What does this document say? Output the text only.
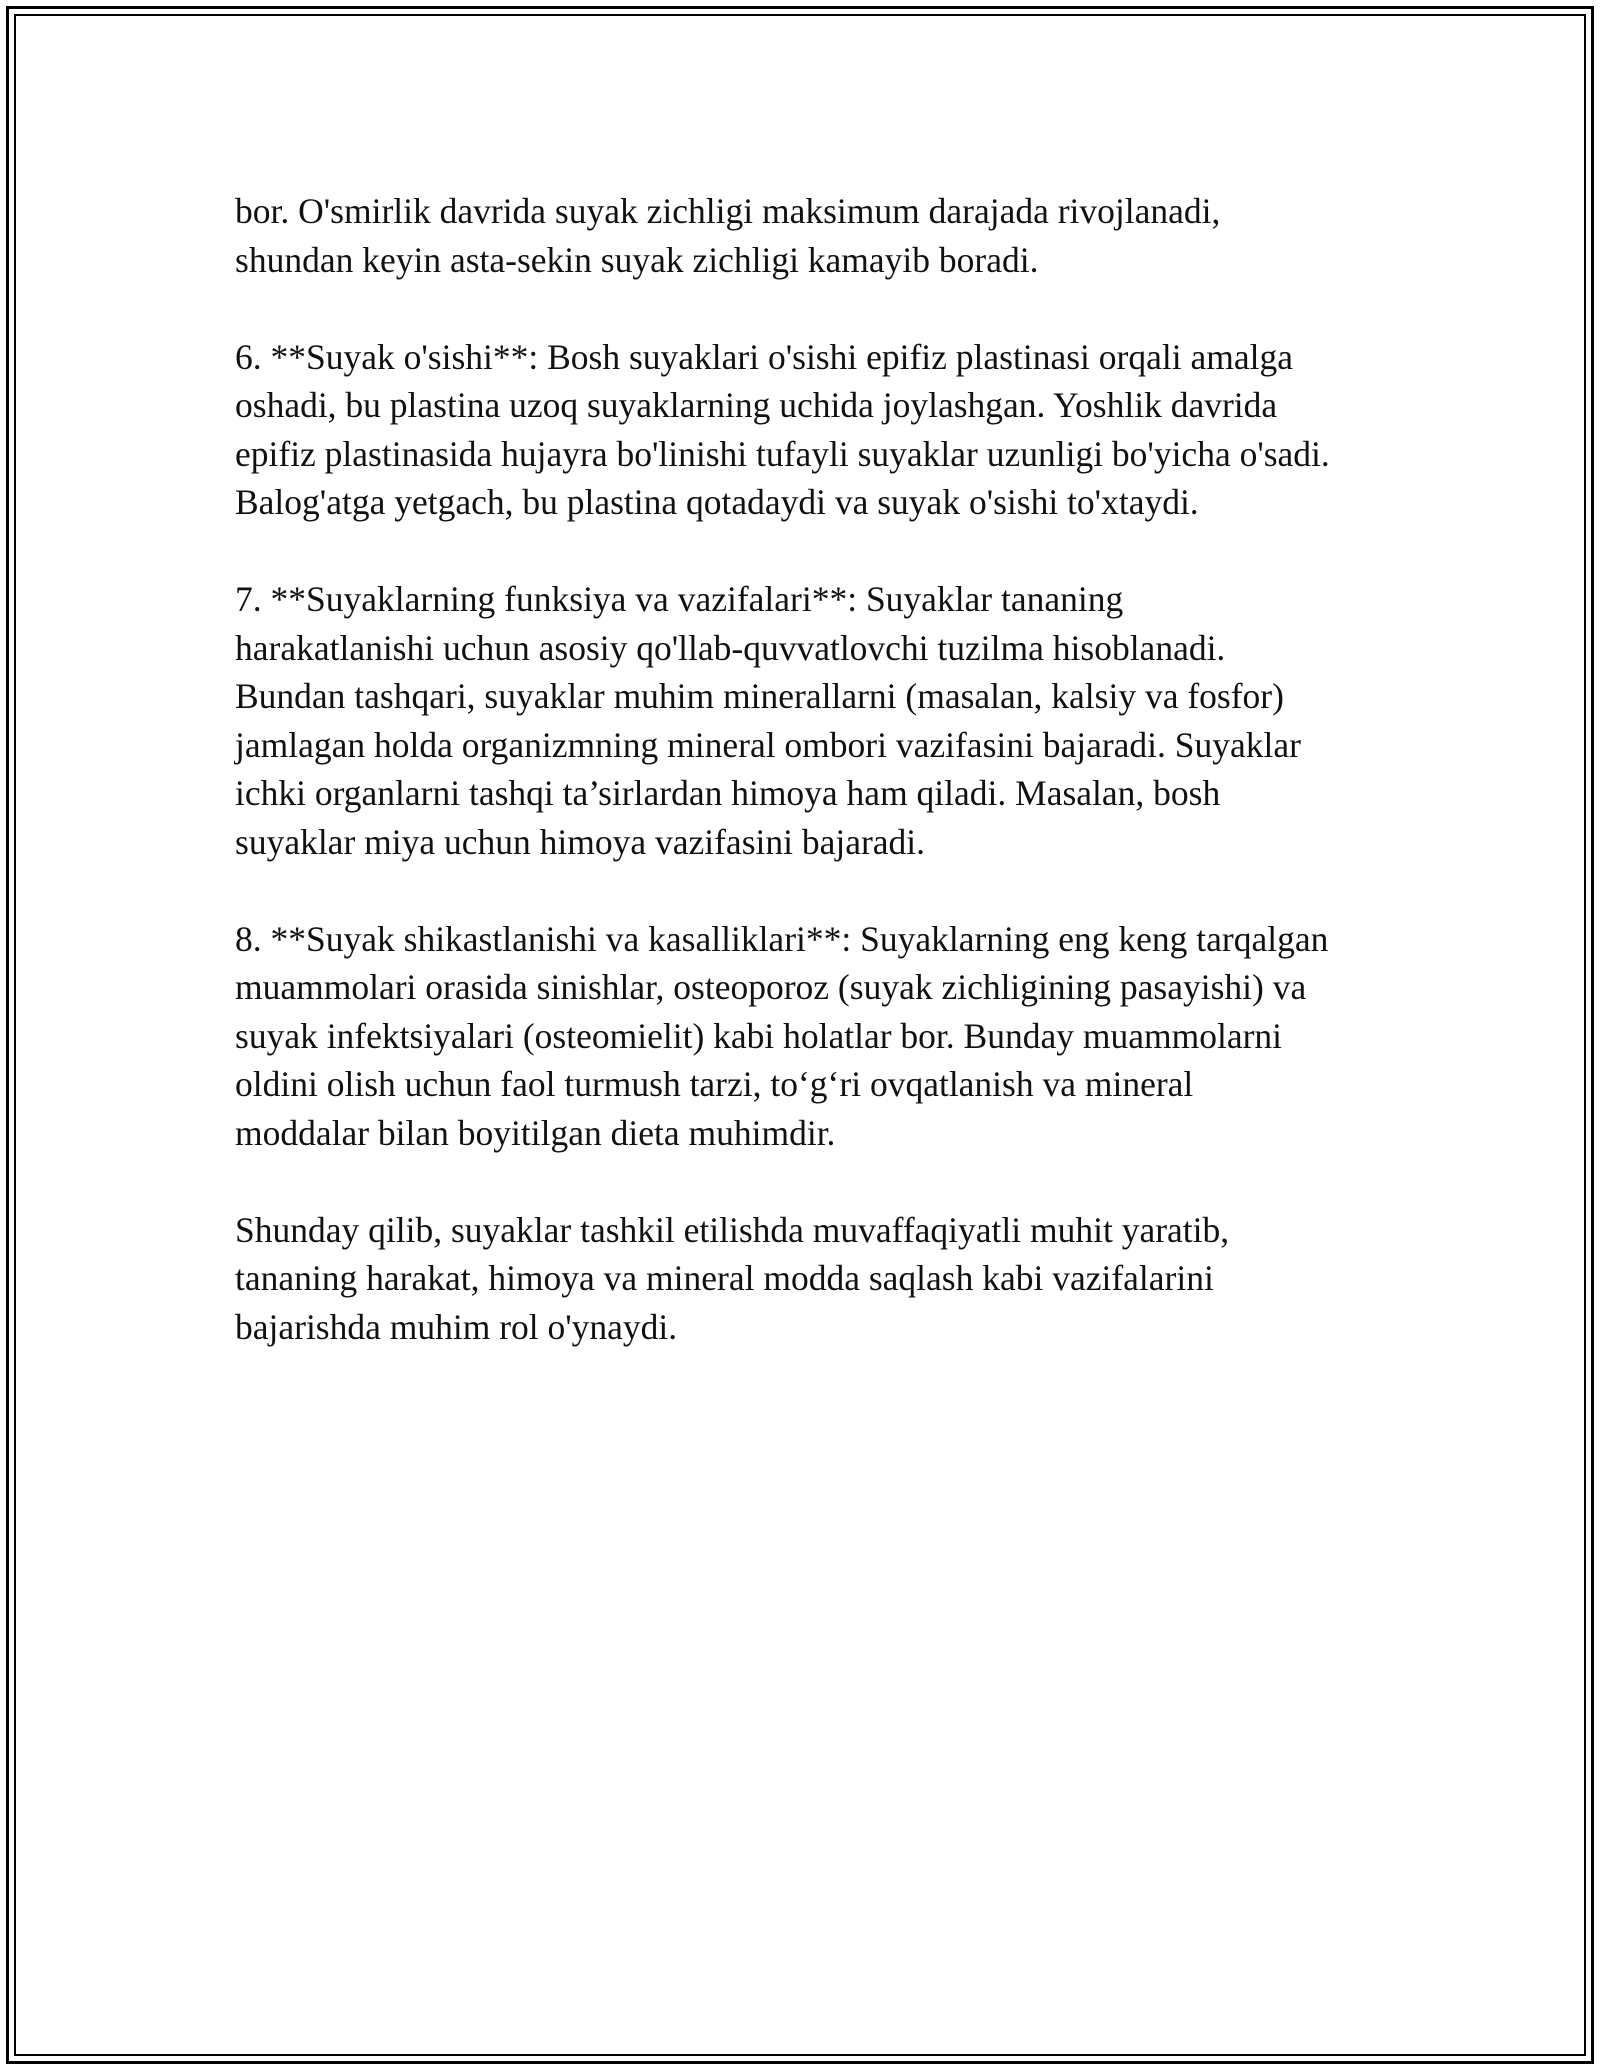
bor. O'smirlik davrida suyak zichligi maksimum darajada rivojlanadi,
shundan keyin asta-sekin suyak zichligi kamayib boradi.

6. **Suyak o'sishi**: Bosh suyaklari o'sishi epifiz plastinasi orqali amalga
oshadi, bu plastina uzoq suyaklarning uchida joylashgan. Yoshlik davrida
epifiz plastinasida hujayra bo'linishi tufayli suyaklar uzunligi bo'yicha o'sadi.
Balog'atga yetgach, bu plastina qotadaydi va suyak o'sishi to'xtaydi.

7. **Suyaklarning funksiya va vazifalari**: Suyaklar tananing
harakatlanishi uchun asosiy qo'llab-quvvatlovchi tuzilma hisoblanadi.
Bundan tashqari, suyaklar muhim minerallarni (masalan, kalsiy va fosfor)
jamlagan holda organizmning mineral ombori vazifasini bajaradi. Suyaklar
ichki organlarni tashqi ta’sirlardan himoya ham qiladi. Masalan, bosh
suyaklar miya uchun himoya vazifasini bajaradi.

8. **Suyak shikastlanishi va kasalliklari**: Suyaklarning eng keng tarqalgan
muammolari orasida sinishlar, osteoporoz (suyak zichligining pasayishi) va
suyak infektsiyalari (osteomielit) kabi holatlar bor. Bunday muammolarni
oldini olish uchun faol turmush tarzi, to‘g‘ri ovqatlanish va mineral
moddalar bilan boyitilgan dieta muhimdir.

Shunday qilib, suyaklar tashkil etilishda muvaffaqiyatli muhit yaratib,
tananing harakat, himoya va mineral modda saqlash kabi vazifalarini
bajarishda muhim rol o'ynaydi.
